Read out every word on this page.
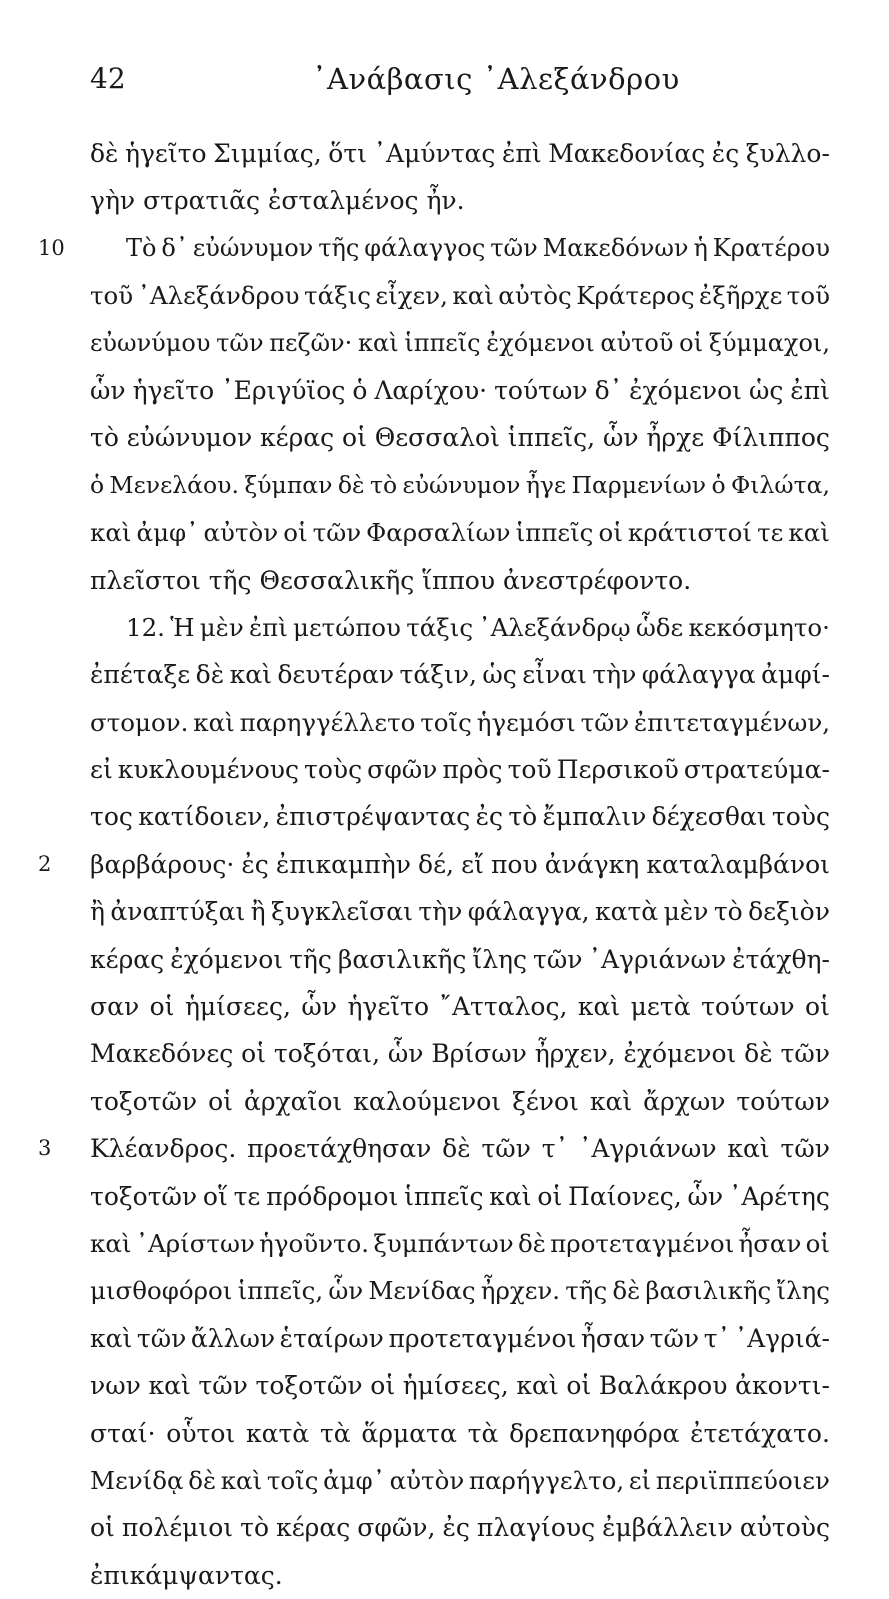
42	᾿Ανάβασις ᾿Αλεξάνδρου
δὲ ἡγεῖτο Σιμμίας, ὅτι ᾿Αμύντας ἐπὶ Μακεδονίας ἐς ξυλλο-
γὴν στρατιᾶς ἐσταλμένος ἦν.
10	Τὸ δ᾿ εὐώνυμον τῆς φάλαγγος τῶν Μακεδόνων ἡ Κρατέρου
τοῦ ᾿Αλεξάνδρου τάξις εἶχεν, καὶ αὐτὸς Κράτερος ἐξῆρχε τοῦ
εὐωνύμου τῶν πεζῶν· καὶ ἱππεῖς ἐχόμενοι αὐτοῦ οἱ ξύμμαχοι,
ὧν ἡγεῖτο ᾿Εριγύϊος ὁ Λαρίχου· τούτων δ᾿ ἐχόμενοι ὡς ἐπὶ
τὸ εὐώνυμον κέρας οἱ Θεσσαλοὶ ἱππεῖς, ὧν ἦρχε Φίλιππος
ὁ Μενελάου. ξύμπαν δὲ τὸ εὐώνυμον ἦγε Παρμενίων ὁ Φιλώτα,
καὶ ἀμφ᾿ αὐτὸν οἱ τῶν Φαρσαλίων ἱππεῖς οἱ κράτιστοί τε καὶ
πλεῖστοι τῆς Θεσσαλικῆς ἵππου ἀνεστρέφοντο.
12. Ἡ μὲν ἐπὶ μετώπου τάξις ᾿Αλεξάνδρῳ ὧδε κεκόσμητο·
ἐπέταξε δὲ καὶ δευτέραν τάξιν, ὡς εἶναι τὴν φάλαγγα ἀμφί-
στομον. καὶ παρηγγέλλετο τοῖς ἡγεμόσι τῶν ἐπιτεταγμένων,
εἰ κυκλουμένους τοὺς σφῶν πρὸς τοῦ Περσικοῦ στρατεύμα-
τος κατίδοιεν, ἐπιστρέψαντας ἐς τὸ ἔμπαλιν δέχεσθαι τοὺς
2	βαρβάρους· ἐς ἐπικαμπὴν δέ, εἴ που ἀνάγκη καταλαμβάνοι
ἢ ἀναπτύξαι ἢ ξυγκλεῖσαι τὴν φάλαγγα, κατὰ μὲν τὸ δεξιὸν
κέρας ἐχόμενοι τῆς βασιλικῆς ἴλης τῶν ᾿Αγριάνων ἐτάχθη-
σαν οἱ ἡμίσεες, ὧν ἡγεῖτο ῎Ατταλος, καὶ μετὰ τούτων οἱ
Μακεδόνες οἱ τοξόται, ὧν Βρίσων ἦρχεν, ἐχόμενοι δὲ τῶν
τοξοτῶν οἱ ἀρχαῖοι καλούμενοι ξένοι καὶ ἄρχων τούτων
3	Κλέανδρος. προετάχθησαν δὲ τῶν τ᾿ ᾿Αγριάνων καὶ τῶν
τοξοτῶν οἵ τε πρόδρομοι ἱππεῖς καὶ οἱ Παίονες, ὧν ᾿Αρέτης
καὶ ᾿Αρίστων ἡγοῦντο. ξυμπάντων δὲ προτεταγμένοι ἦσαν οἱ
μισθοφόροι ἱππεῖς, ὧν Μενίδας ἦρχεν. τῆς δὲ βασιλικῆς ἴλης
καὶ τῶν ἄλλων ἑταίρων προτεταγμένοι ἦσαν τῶν τ᾿ ᾿Αγριά-
νων καὶ τῶν τοξοτῶν οἱ ἡμίσεες, καὶ οἱ Βαλάκρου ἀκοντι-
σταί· οὗτοι κατὰ τὰ ἅρματα τὰ δρεπανηφόρα ἐτετάχατο.
Μενίδᾳ δὲ καὶ τοῖς ἀμφ᾿ αὐτὸν παρήγγελτο, εἰ περιϊππεύοιεν
οἱ πολέμιοι τὸ κέρας σφῶν, ἐς πλαγίους ἐμβάλλειν αὐτοὺς
ἐπικάμψαντας.
